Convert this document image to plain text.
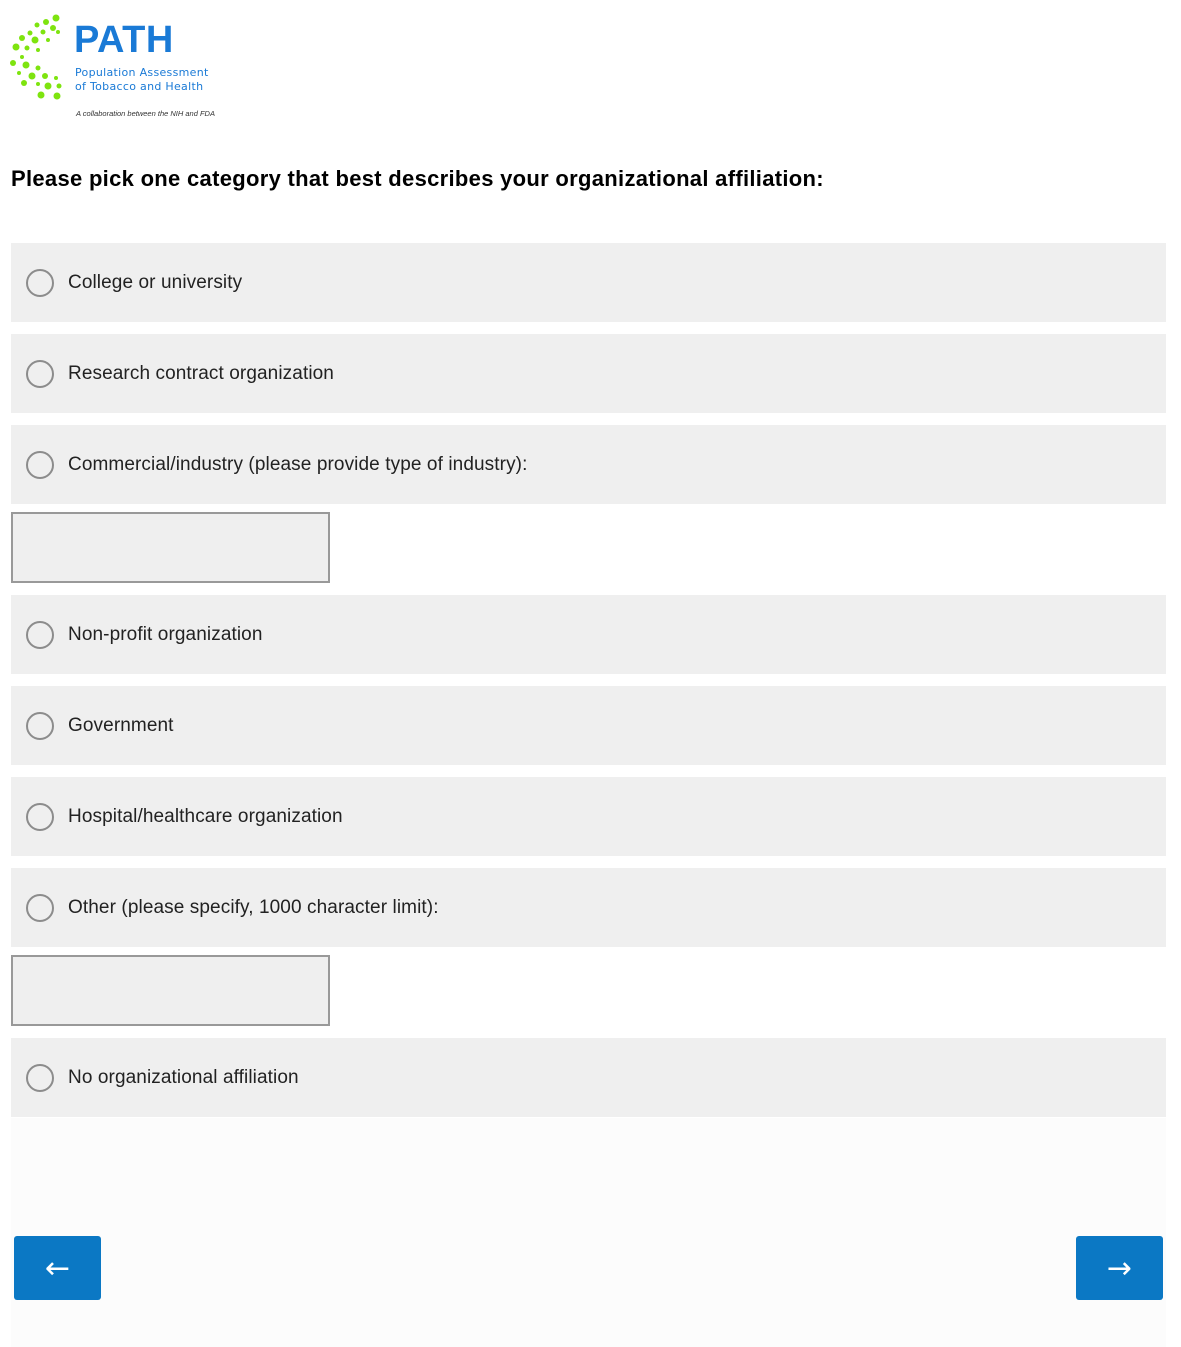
PATH
Population Assessment
of Tobacco and Health
A collaboration between the NIH and FDA
Please pick one category that best describes your organizational affiliation:
College or university
Research contract organization
Commercial/industry (please provide type of industry):
Non-profit organization
Government
Hospital/healthcare organization
Other (please specify, 1000 character limit):
No organizational affiliation
←	→
